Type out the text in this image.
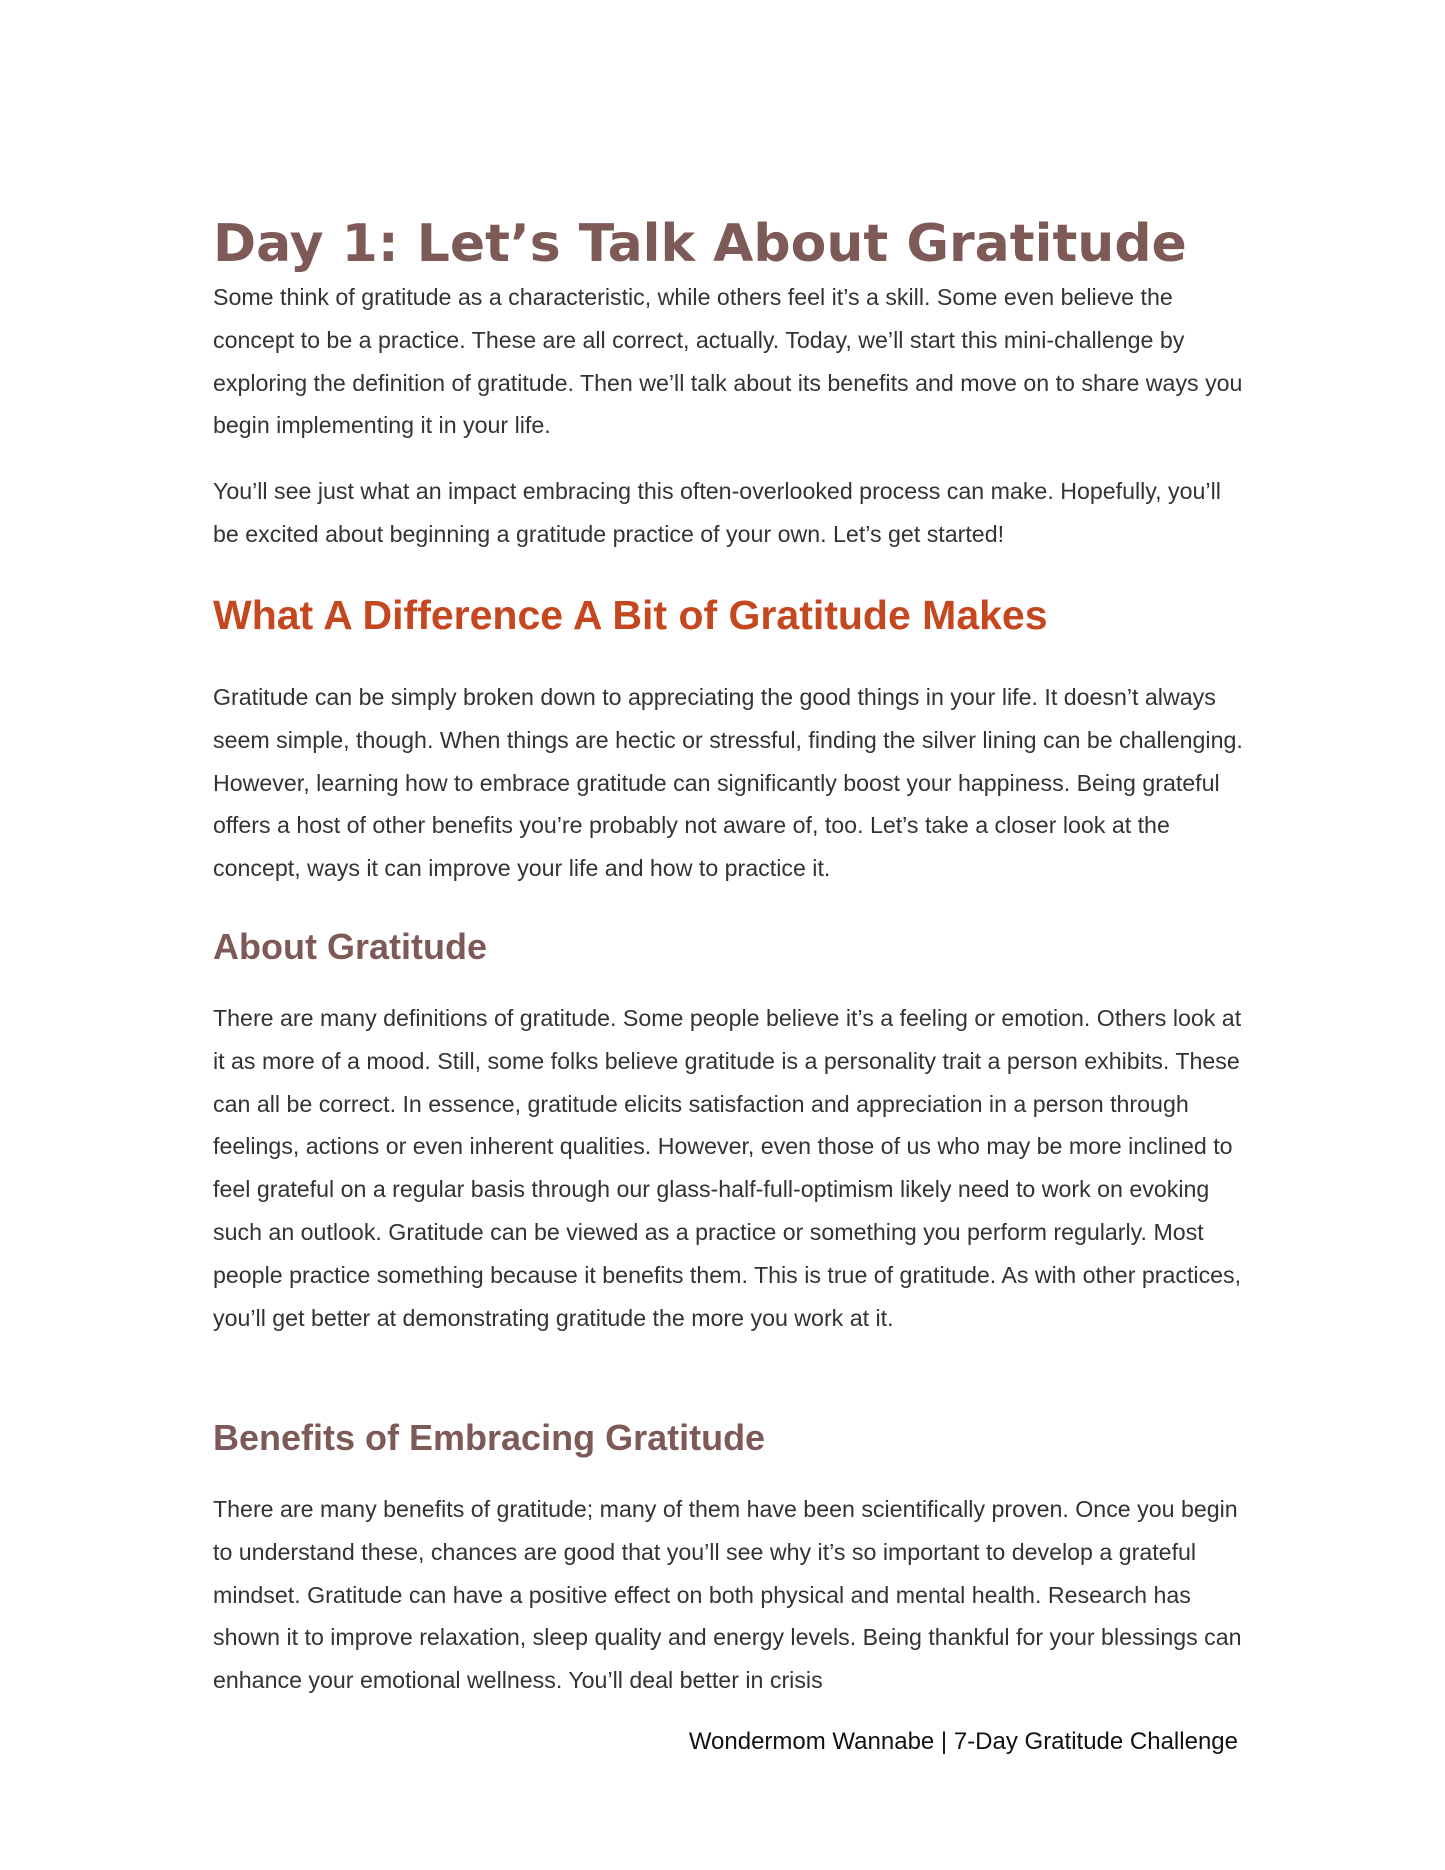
Day 1: Let’s Talk About Gratitude

Some think of gratitude as a characteristic, while others feel it’s a skill. Some even believe the concept to be a practice. These are all correct, actually. Today, we’ll start this mini-challenge by exploring the definition of gratitude. Then we’ll talk about its benefits and move on to share ways you begin implementing it in your life.

You’ll see just what an impact embracing this often-overlooked process can make. Hopefully, you’ll be excited about beginning a gratitude practice of your own. Let’s get started!

What A Difference A Bit of Gratitude Makes

Gratitude can be simply broken down to appreciating the good things in your life. It doesn’t always seem simple, though. When things are hectic or stressful, finding the silver lining can be challenging. However, learning how to embrace gratitude can significantly boost your happiness. Being grateful offers a host of other benefits you’re probably not aware of, too. Let’s take a closer look at the concept, ways it can improve your life and how to practice it.

About Gratitude

There are many definitions of gratitude. Some people believe it’s a feeling or emotion. Others look at it as more of a mood. Still, some folks believe gratitude is a personality trait a person exhibits. These can all be correct. In essence, gratitude elicits satisfaction and appreciation in a person through feelings, actions or even inherent qualities. However, even those of us who may be more inclined to feel grateful on a regular basis through our glass-half-full-optimism likely need to work on evoking such an outlook. Gratitude can be viewed as a practice or something you perform regularly. Most people practice something because it benefits them. This is true of gratitude. As with other practices, you’ll get better at demonstrating gratitude the more you work at it.

Benefits of Embracing Gratitude

There are many benefits of gratitude; many of them have been scientifically proven. Once you begin to understand these, chances are good that you’ll see why it’s so important to develop a grateful mindset. Gratitude can have a positive effect on both physical and mental health. Research has shown it to improve relaxation, sleep quality and energy levels. Being thankful for your blessings can enhance your emotional wellness. You’ll deal better in crisis

Wondermom Wannabe | 7-Day Gratitude Challenge
